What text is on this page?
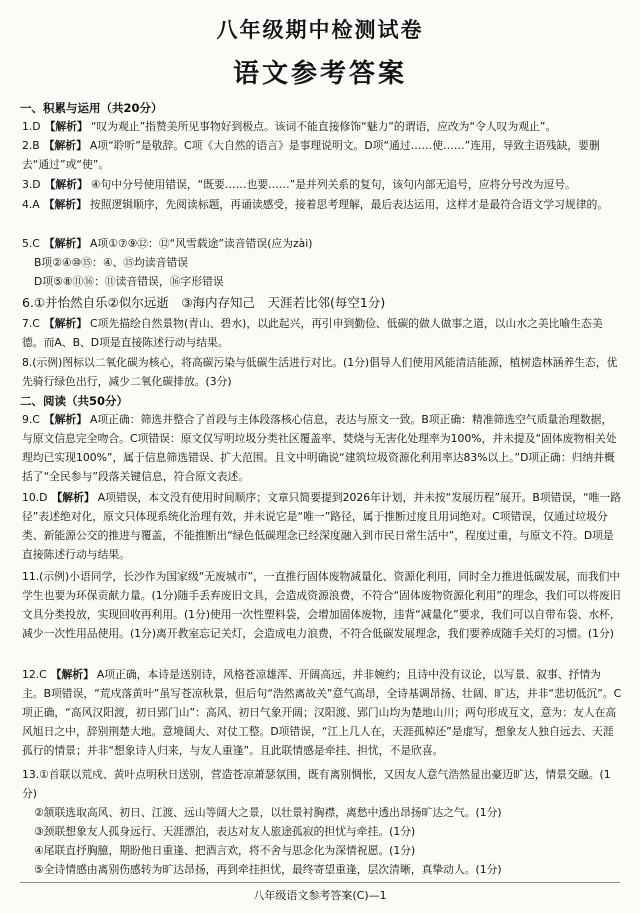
八年级期中检测试卷
语文参考答案
一、积累与运用（共20分）
1.D 【解析】 “叹为观止”指赞美所见事物好到极点。该词不能直接修饰“魅力”的谓语，应改为“令人叹为观止”。
2.B 【解析】 A项“聆听”是敬辞。C项《大自然的语言》是事理说明文。D项“通过……使……”连用，导致主语残缺，要删去“通过”或“使”。
3.D 【解析】 ④句中分号使用错误，“既要……也要……”是并列关系的复句，该句内部无追号，应将分号改为逗号。
4.A 【解析】 按照逻辑顺序，先阅读标题，再诵读感受，接着思考理解，最后表达运用，这样才是最符合语文学习规律的。
5.C 【解析】 A项①⑦⑨⑫：⑫“风雪载途”读音错误(应为zài)
B项②④⑩⑮：④、⑮均读音错误
D项⑤⑧⑪⑯：⑪读音错误，⑯字形错误
6.①并怡然自乐②似尔远逝　③海内存知己　天涯若比邻(每空1分)
7.C 【解析】 C项先描绘自然景物(青山、碧水)，以此起兴，再引申到勤俭、低碳的做人做事之道，以山水之美比喻生态美德。而A、B、D项是直接陈述行动与结果。
8.(示例)图标以二氧化碳为核心，将高碳污染与低碳生活进行对比。(1分)倡导人们使用风能清洁能源，植树造林涵养生态，优先骑行绿色出行，减少二氧化碳排放。(3分)
二、阅读（共50分）
9.C 【解析】 A项正确：筛选并整合了首段与主体段落核心信息，表达与原文一致。B项正确：精准筛选空气质量治理数据，与原文信息完全吻合。C项错误：原文仅写明垃圾分类社区覆盖率、焚烧与无害化处理率为100%，并未提及“固体废物相关处理均已实现100%”，属于信息筛选错误、扩大范围。且文中明确说“建筑垃圾资源化利用率达83%以上。”D项正确：归纳并概括了“全民参与”段落关键信息，符合原文表述。
10.D 【解析】 A项错误，本文没有使用时间顺序；文章只简要提到2026年计划，并未按“发展历程”展开。B项错误，“唯一路径”表述绝对化，原文只体现系统化治理有效，并未说它是“唯一”路径，属于推断过度且用词绝对。C项错误，仅通过垃圾分类、新能源公交的推进与覆盖，不能推断出“绿色低碳理念已经深度融入到市民日常生活中”，程度过重，与原文不符。D项是直接陈述行动与结果。
11.(示例)小语同学，长沙作为国家级“无废城市”，一直推行固体废物减量化、资源化利用，同时全力推进低碳发展，而我们中学生也要为环保贡献力量。(1分)随手丢弃废旧文具，会造成资源浪费，不符合“固体废物资源化利用”的理念，我们可以将废旧文具分类投放，实现回收再利用。(1分)使用一次性塑料袋，会增加固体废物，违背“减量化”要求，我们可以自带布袋、水杯，减少一次性用品使用。(1分)离开教室忘记关灯，会造成电力浪费，不符合低碳发展理念，我们要养成随手关灯的习惯。(1分)
12.C 【解析】 A项正确，本诗是送别诗，风格苍凉雄浑、开阔高远，并非婉约；且诗中没有议论，以写景、叙事、抒情为主。B项错误，“荒戍落黄叶”虽写苍凉秋景，但后句“浩然离故关”意气高昂，全诗基调昂扬、壮阔、旷达，并非“悲切低沉”。C项正确，“高风汉阳渡，初日郢门山”：高风、初日气象开阔；汉阳渡、郢门山均为楚地山川；两句形成互文，意为：友人在高风旭日之中，辞别荆楚大地。意境阔大、对仗工整。D项错误，“江上几人在，天涯孤棹还”是虚写，想象友人独自远去、天涯孤行的情景；并非“想象诗人归来，与友人重逢”。且此联情感是牵挂、担忧，不是欣喜。
13.①首联以荒戍、黄叶点明秋日送别，营造苍凉萧瑟氛围，既有离别惆怅，又因友人意气浩然显出豪迈旷达，情景交融。(1分)
②颔联选取高风、初日、江渡、远山等阔大之景，以壮景衬胸襟，离愁中透出昂扬旷达之气。(1分)
③颈联想象友人孤身远行、天涯漂泊，表达对友人旅途孤寂的担忧与牵挂。(1分)
④尾联直抒胸臆，期盼他日重逢、把酒言欢，将不舍与思念化为深情祝愿。(1分)
⑤全诗情感由离别伤感转为旷达昂扬，再到牵挂担忧，最终寄望重逢，层次清晰，真挚动人。(1分)
八年级语文参考答案(C)—1
